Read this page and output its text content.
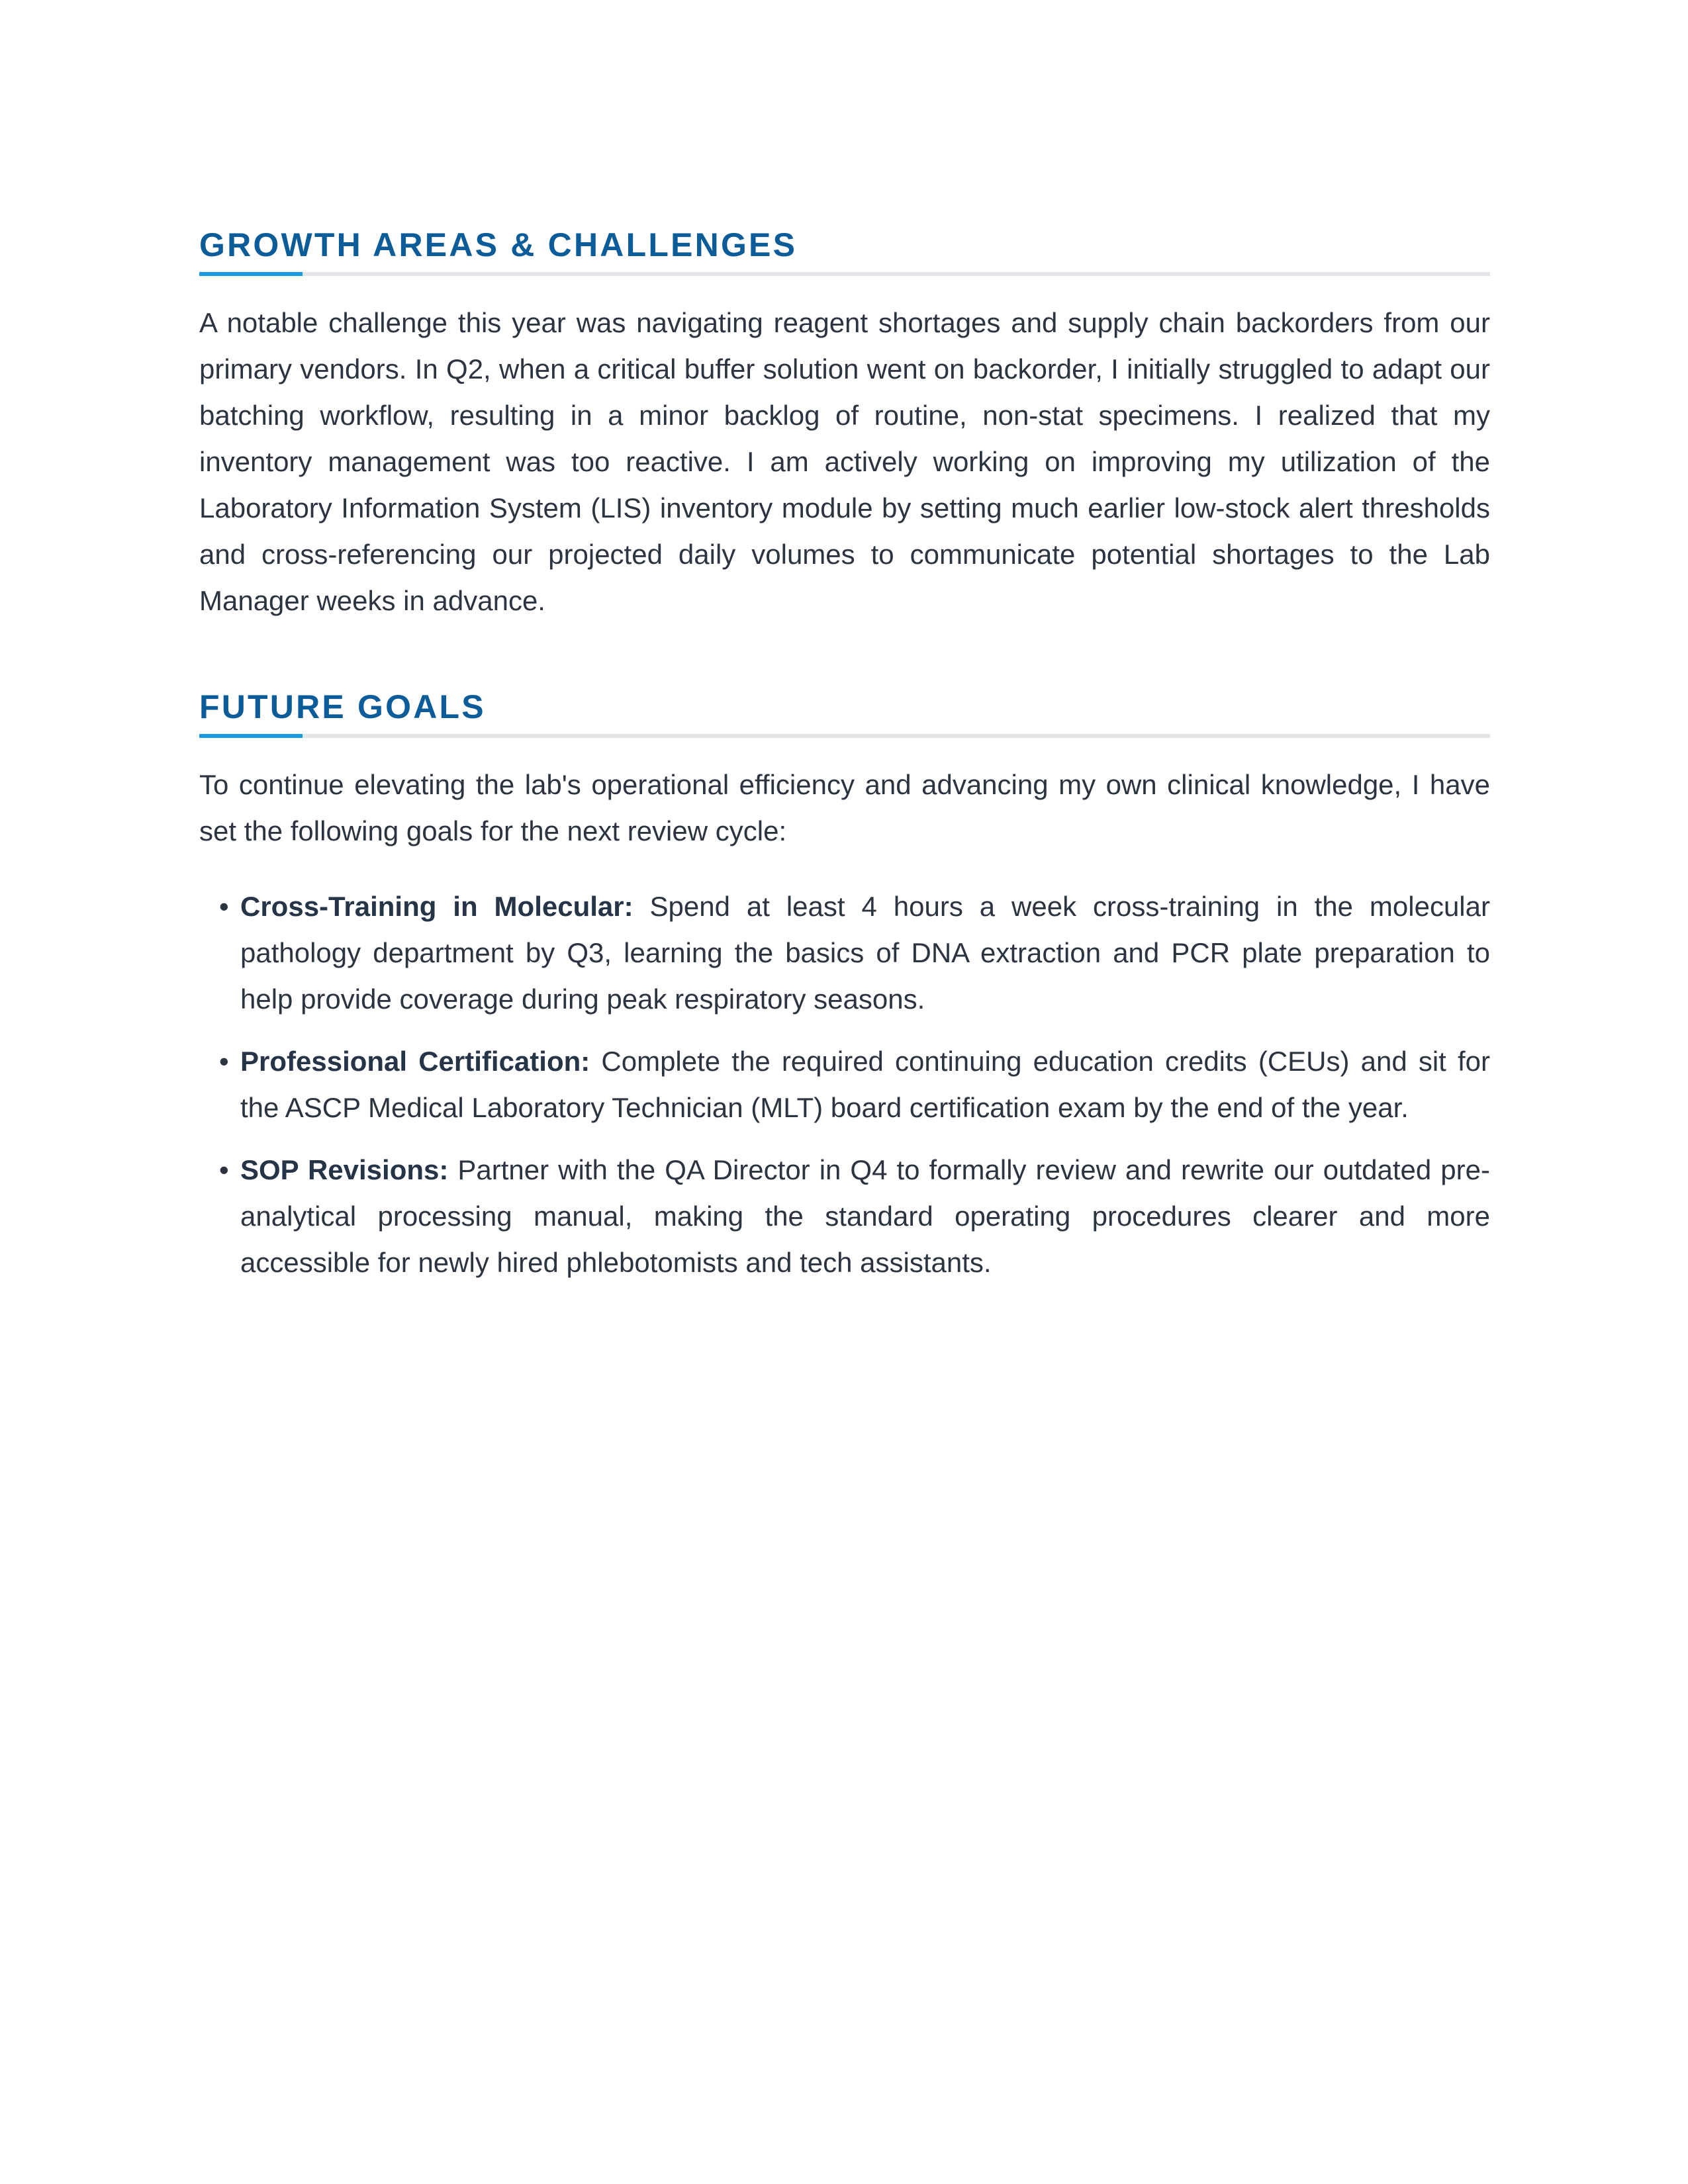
GROWTH AREAS & CHALLENGES

A notable challenge this year was navigating reagent shortages and supply chain backorders from our primary vendors. In Q2, when a critical buffer solution went on backorder, I initially struggled to adapt our batching workflow, resulting in a minor backlog of routine, non-stat specimens. I realized that my inventory management was too reactive. I am actively working on improving my utilization of the Laboratory Information System (LIS) inventory module by setting much earlier low-stock alert thresholds and cross-referencing our projected daily volumes to communicate potential shortages to the Lab Manager weeks in advance.

FUTURE GOALS

To continue elevating the lab's operational efficiency and advancing my own clinical knowledge, I have set the following goals for the next review cycle:

• Cross-Training in Molecular: Spend at least 4 hours a week cross-training in the molecular pathology department by Q3, learning the basics of DNA extraction and PCR plate preparation to help provide coverage during peak respiratory seasons.
• Professional Certification: Complete the required continuing education credits (CEUs) and sit for the ASCP Medical Laboratory Technician (MLT) board certification exam by the end of the year.
• SOP Revisions: Partner with the QA Director in Q4 to formally review and rewrite our outdated pre-analytical processing manual, making the standard operating procedures clearer and more accessible for newly hired phlebotomists and tech assistants.
